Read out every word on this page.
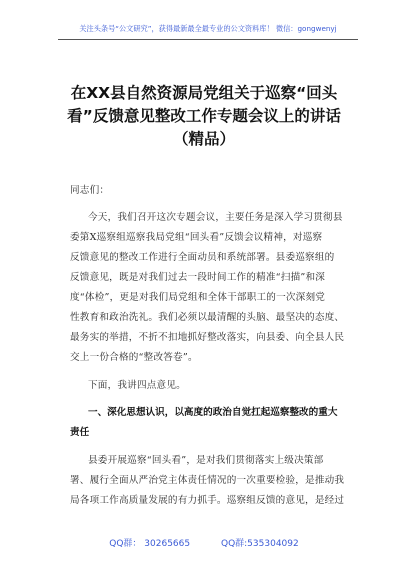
关注头条号“公文研究”，获得最新最全最专业的公文资料库！ 微信：gongwenyj
在XX县自然资源局党组关于巡察“回头
看”反馈意见整改工作专题会议上的讲话
（精品）
同志们：
今天，我们召开这次专题会议，主要任务是深入学习贯彻县
委第X巡察组巡察我局党组“回头看”反馈会议精神，对巡察
反馈意见的整改工作进行全面动员和系统部署。县委巡察组的
反馈意见，既是对我们过去一段时间工作的精准“扫描”和深
度“体检”，更是对我们局党组和全体干部职工的一次深刻党
性教育和政治洗礼。我们必须以最清醒的头脑、最坚决的态度、
最务实的举措，不折不扣地抓好整改落实，向县委、向全县人民
交上一份合格的“整改答卷”。
下面，我讲四点意见。
一、深化思想认识，以高度的政治自觉扛起巡察整改的重大
责任
县委开展巡察“回头看”，是对我们贯彻落实上级决策部
署、履行全面从严治党主体责任情况的一次重要检验，是推动我
局各项工作高质量发展的有力抓手。巡察组反馈的意见，是经过
QQ群： 30265665	QQ群:535304092
